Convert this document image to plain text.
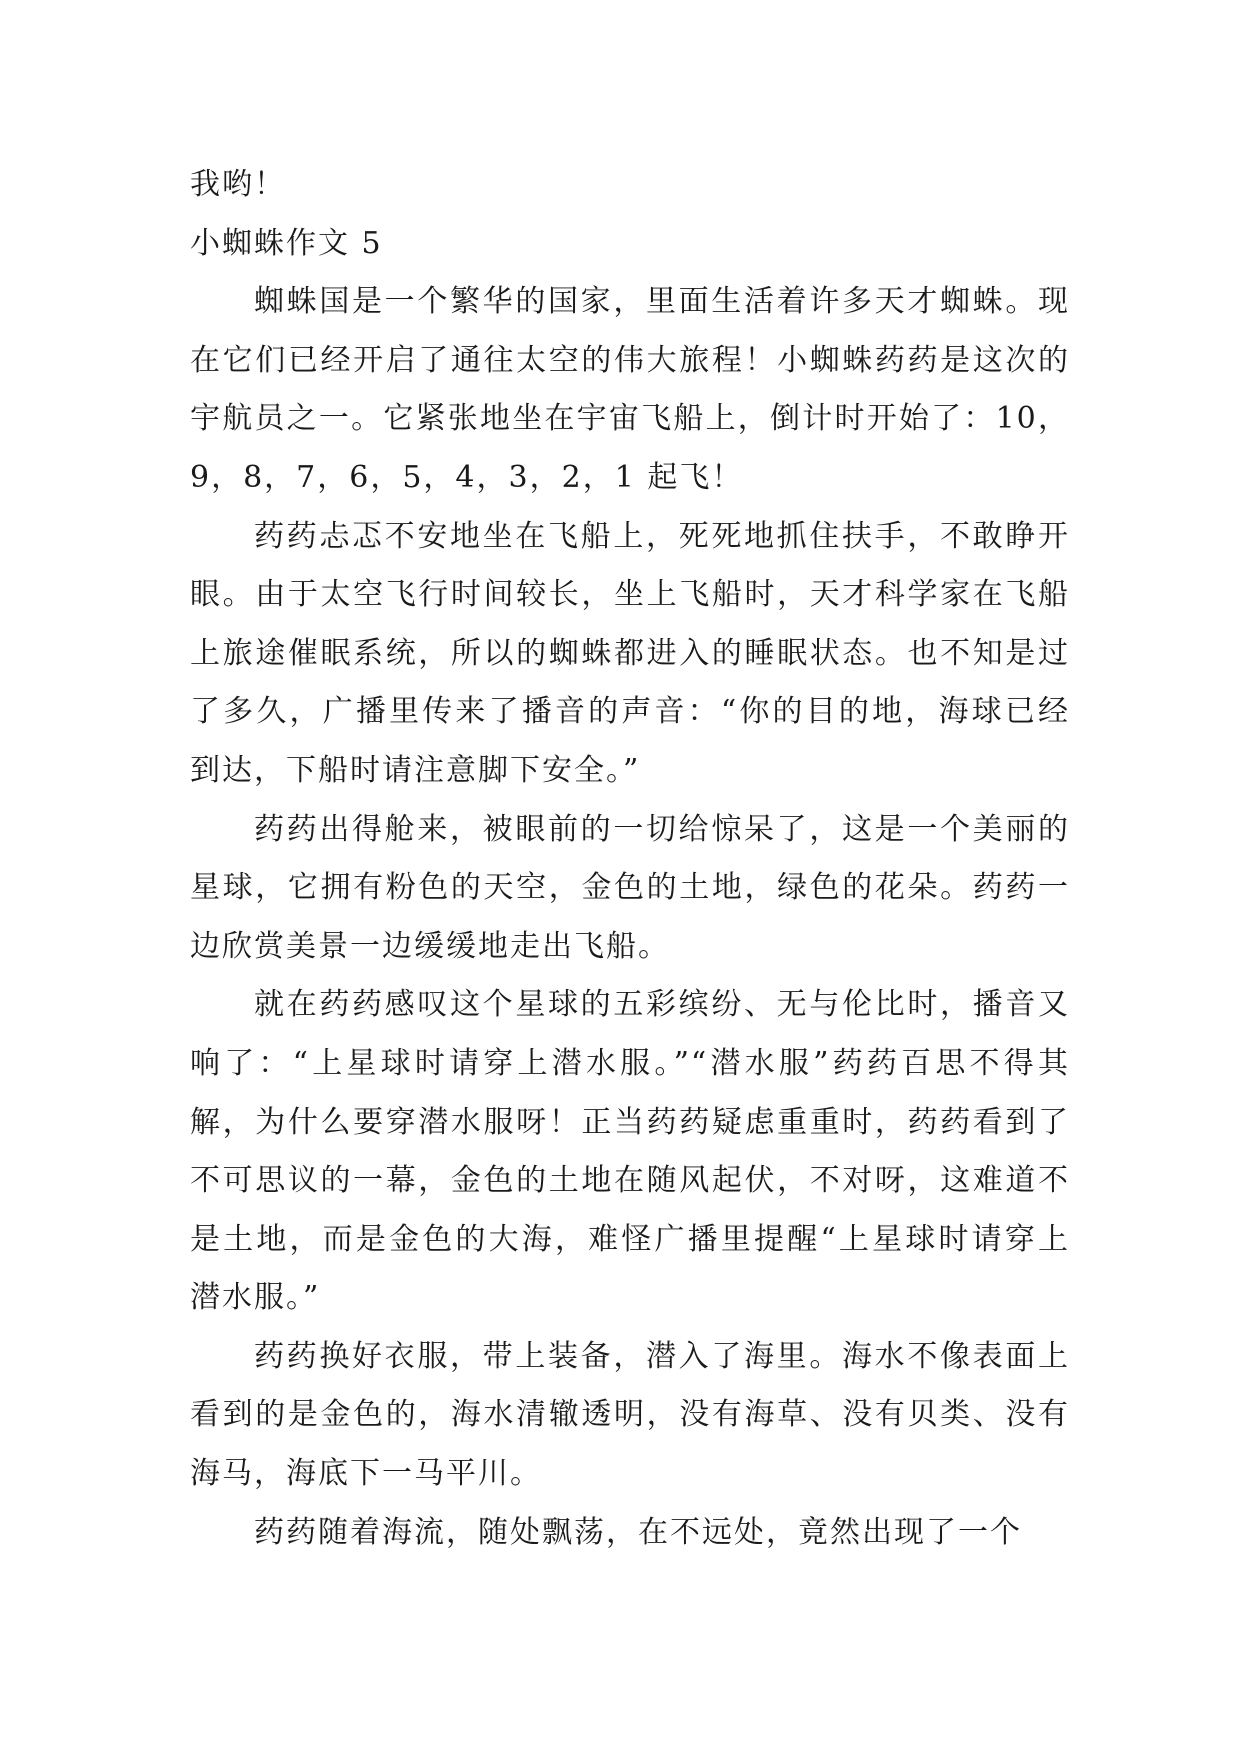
我哟！

小蜘蛛作文 5

蜘蛛国是一个繁华的国家，里面生活着许多天才蜘蛛。现在它们已经开启了通往太空的伟大旅程！小蜘蛛药药是这次的宇航员之一。它紧张地坐在宇宙飞船上，倒计时开始了：10，9，8，7，6，5，4，3，2，1 起飞！

药药忐忑不安地坐在飞船上，死死地抓住扶手，不敢睁开眼。由于太空飞行时间较长，坐上飞船时，天才科学家在飞船上旅途催眠系统，所以的蜘蛛都进入的睡眠状态。也不知是过了多久，广播里传来了播音的声音：“你的目的地，海球已经到达，下船时请注意脚下安全。”

药药出得舱来，被眼前的一切给惊呆了，这是一个美丽的星球，它拥有粉色的天空，金色的土地，绿色的花朵。药药一边欣赏美景一边缓缓地走出飞船。

就在药药感叹这个星球的五彩缤纷、无与伦比时，播音又响了：“上星球时请穿上潜水服。”“潜水服”药药百思不得其解，为什么要穿潜水服呀！正当药药疑虑重重时，药药看到了不可思议的一幕，金色的土地在随风起伏，不对呀，这难道不是土地，而是金色的大海，难怪广播里提醒“上星球时请穿上潜水服。”

药药换好衣服，带上装备，潜入了海里。海水不像表面上看到的是金色的，海水清辙透明，没有海草、没有贝类、没有海马，海底下一马平川。

药药随着海流，随处飘荡，在不远处，竟然出现了一个
